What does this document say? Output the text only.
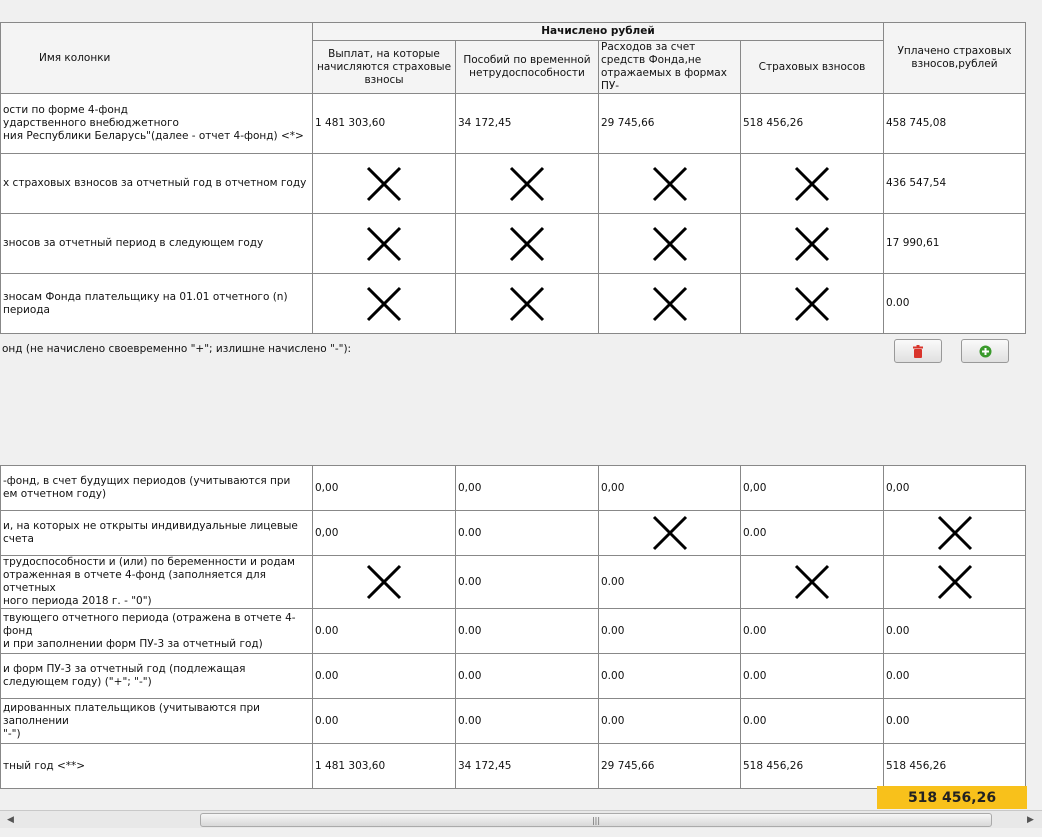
Имя колонки	Начислено рублей				Уплачено страховых взносов,рублей
	Выплат, на которые начисляются страховые взносы	Пособий по временной нетрудоспособности	Расходов за счет средств Фонда,не отражаемых в формах ПУ-	Страховых взносов	
ости по форме 4-фонд
ударственного внебюджетного
ния Республики Беларусь"(далее - отчет 4-фонд) <*>	1 481 303,60	34 172,45	29 745,66	518 456,26	458 745,08
х страховых взносов за отчетный год в отчетном году					436 547,54
зносов за отчетный период в следующем году					17 990,61
зносам Фонда плательщику на 01.01 отчетного (n) периода					0.00
онд (не начислено своевременно "+"; излишне начислено "-"):
-фонд, в счет будущих периодов (учитываются при
ем отчетном году)	0,00	0,00	0,00	0,00	0,00
и, на которых не открыты индивидуальные лицевые счета	0,00	0.00		0.00	

трудоспособности и (или) по беременности и родам
отраженная в отчете 4-фонд (заполняется для отчетных
ного периода 2018 г. - "0")		0.00	0.00	

твующего отчетного периода (отражена в отчете 4-фонд
и при заполнении форм ПУ-3 за отчетный год)	0.00	0.00	0.00	0.00	0.00
и форм ПУ-3 за отчетный год (подлежащая
следующем году) ("+"; "-")	0.00	0.00	0.00	0.00	0.00
дированных плательщиков (учитываются при заполнении
"-")	0.00	0.00	0.00	0.00	0.00
тный год <**>	1 481 303,60	34 172,45	29 745,66	518 456,26	518 456,26
518 456,26
◀	|||	▶
